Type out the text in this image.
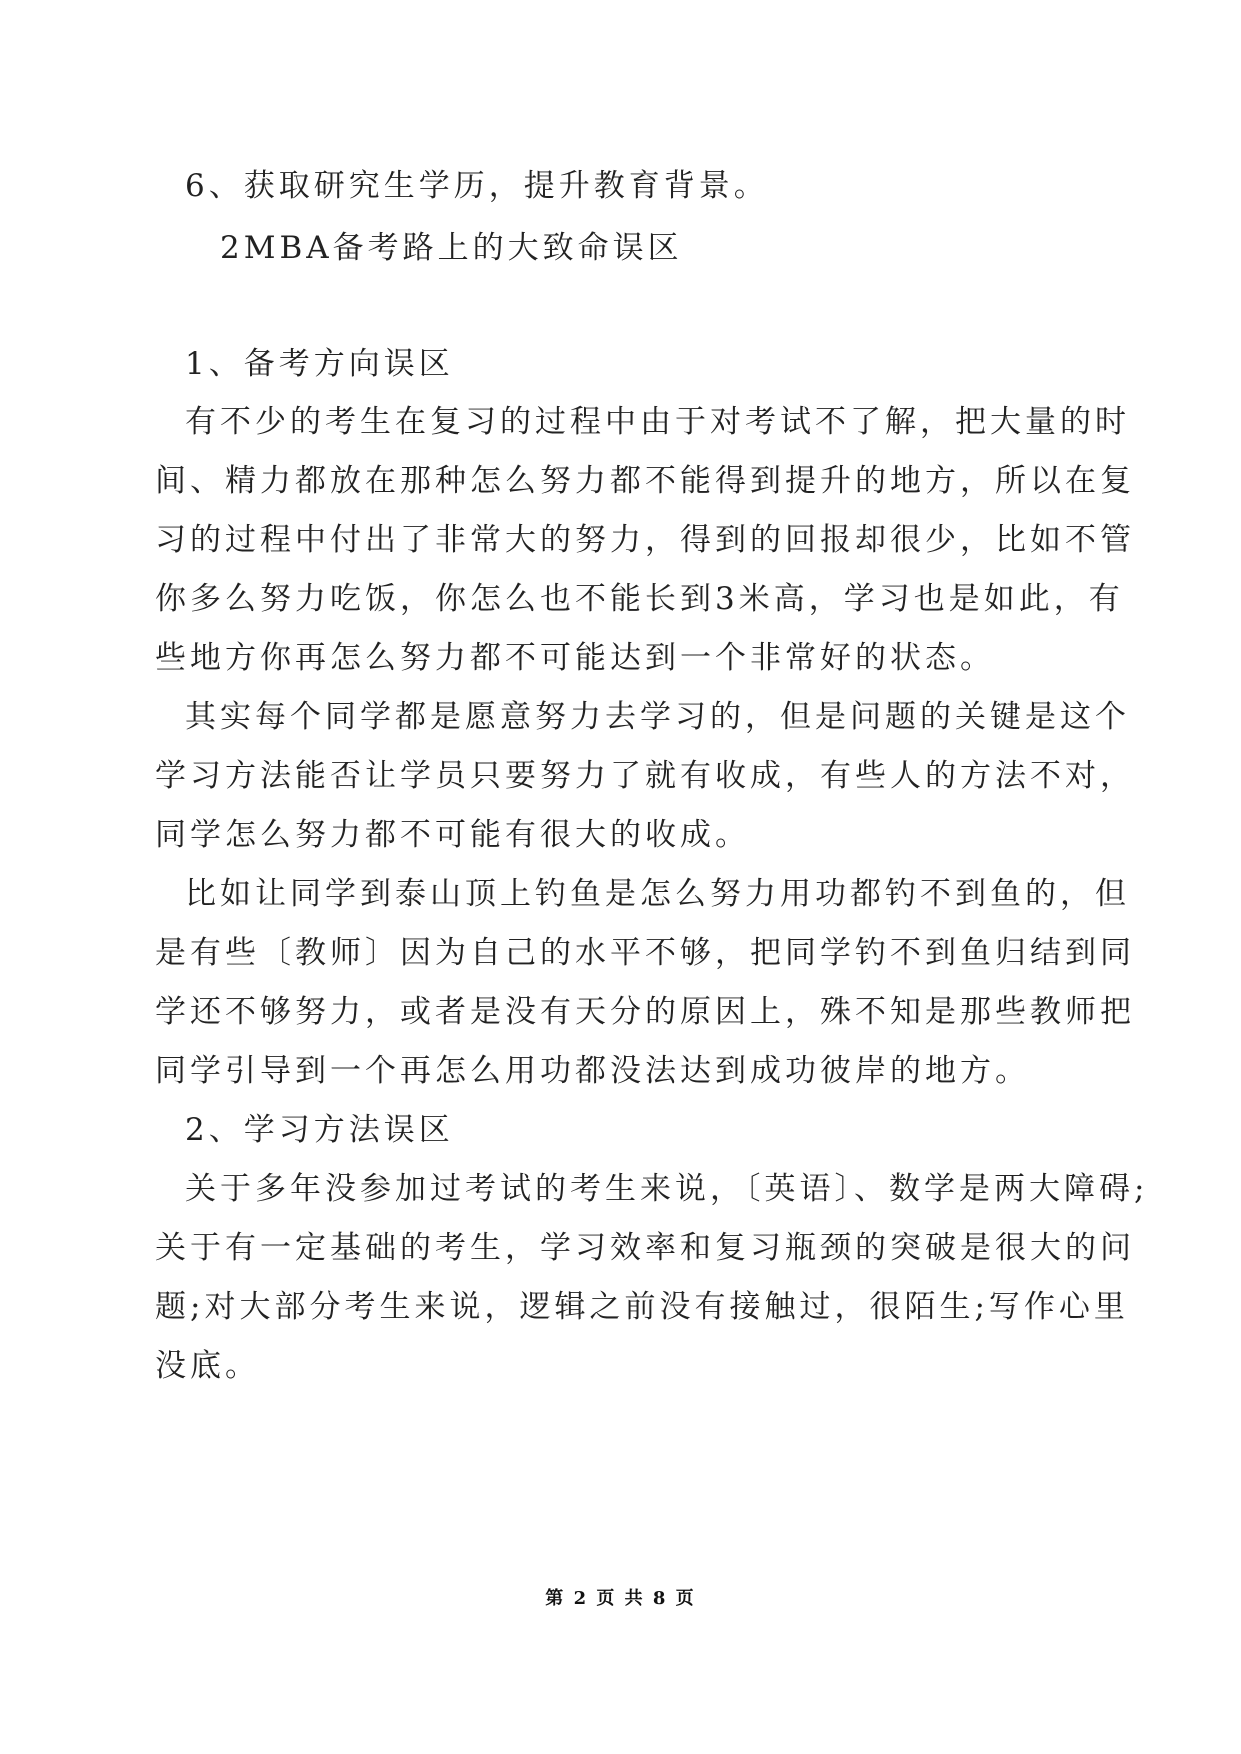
6、获取研究生学历，提升教育背景。
2MBA备考路上的大致命误区
1、备考方向误区
有不少的考生在复习的过程中由于对考试不了解，把大量的时
间、精力都放在那种怎么努力都不能得到提升的地方，所以在复
习的过程中付出了非常大的努力，得到的回报却很少，比如不管
你多么努力吃饭，你怎么也不能长到3米高，学习也是如此，有
些地方你再怎么努力都不可能达到一个非常好的状态。
其实每个同学都是愿意努力去学习的，但是问题的关键是这个
学习方法能否让学员只要努力了就有收成，有些人的方法不对，
同学怎么努力都不可能有很大的收成。
比如让同学到泰山顶上钓鱼是怎么努力用功都钓不到鱼的，但
是有些〔教师〕因为自己的水平不够，把同学钓不到鱼归结到同
学还不够努力，或者是没有天分的原因上，殊不知是那些教师把
同学引导到一个再怎么用功都没法达到成功彼岸的地方。
2、学习方法误区
关于多年没参加过考试的考生来说，〔英语〕、数学是两大障碍;
关于有一定基础的考生，学习效率和复习瓶颈的突破是很大的问
题;对大部分考生来说，逻辑之前没有接触过，很陌生;写作心里
没底。
第 2 页 共 8 页
